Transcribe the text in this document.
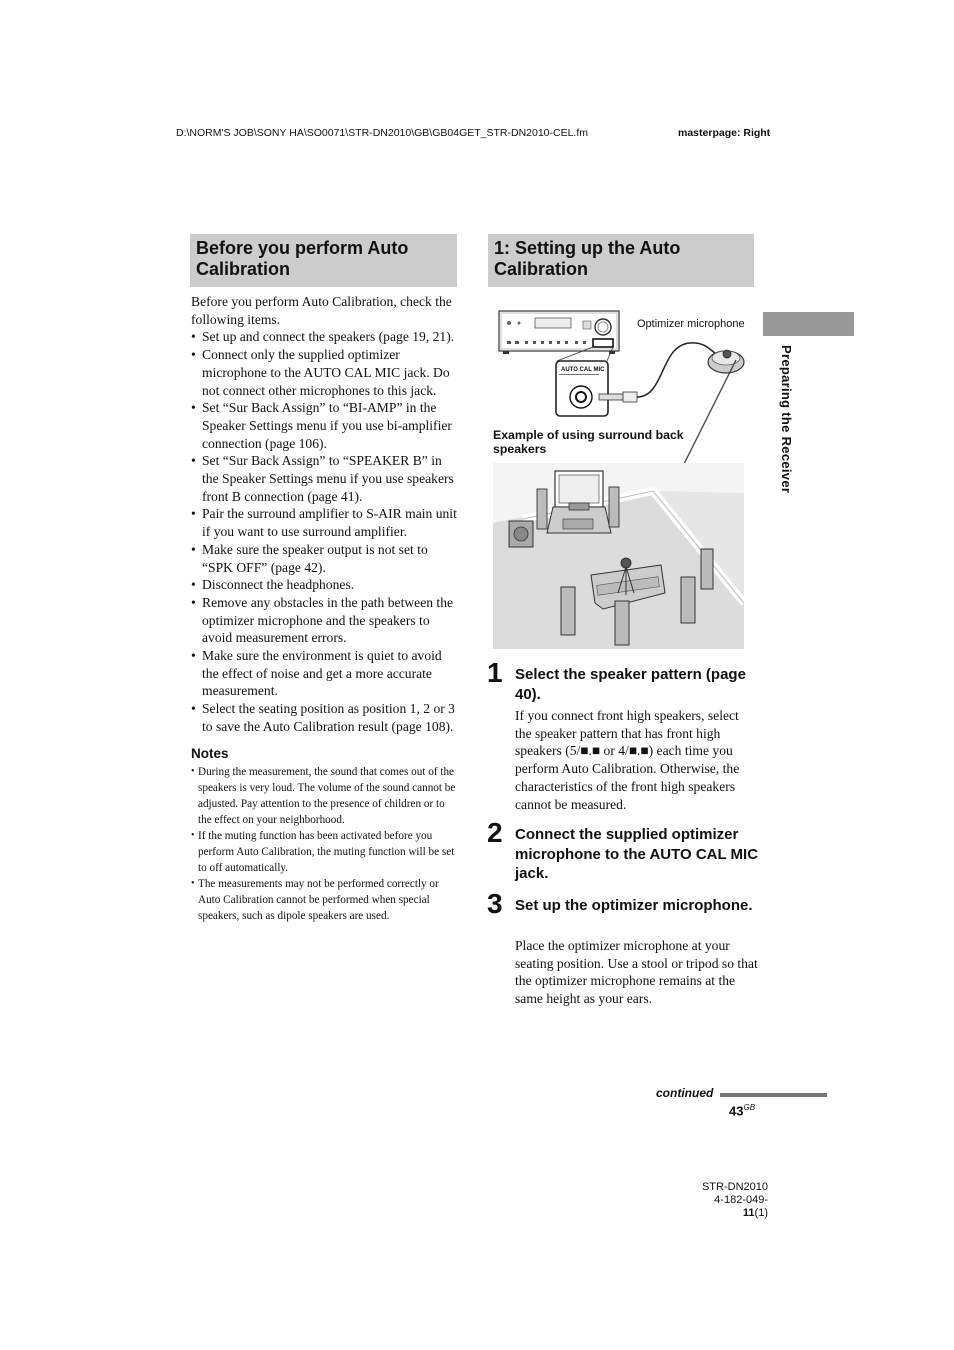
D:\NORM'S JOB\SONY HA\SO0071\STR-DN2010\GB\GB04GET_STR-DN2010-CEL.fm	masterpage: Right
Before you perform Auto Calibration
1: Setting up the Auto Calibration

Before you perform Auto Calibration, check the following items.

• Set up and connect the speakers (page 19, 21).
• Connect only the supplied optimizer microphone to the AUTO CAL MIC jack. Do not connect other microphones to this jack.
• Set “Sur Back Assign” to “BI-AMP” in the Speaker Settings menu if you use bi-amplifier connection (page 106).
• Set “Sur Back Assign” to “SPEAKER B” in the Speaker Settings menu if you use speakers front B connection (page 41).
• Pair the surround amplifier to S-AIR main unit if you want to use surround amplifier.
• Make sure the speaker output is not set to “SPK OFF” (page 42).
• Disconnect the headphones.
• Remove any obstacles in the path between the optimizer microphone and the speakers to avoid measurement errors.
• Make sure the environment is quiet to avoid the effect of noise and get a more accurate measurement.
• Select the seating position as position 1, 2 or 3 to save the Auto Calibration result (page 108).
Notes
• During the measurement, the sound that comes out of the speakers is very loud. The volume of the sound cannot be adjusted. Pay attention to the presence of children or to the effect on your neighborhood.
• If the muting function has been activated before you perform Auto Calibration, the muting function will be set to off automatically.
• The measurements may not be performed correctly or Auto Calibration cannot be performed when special speakers, such as dipole speakers are used.
Preparing the Receiver
AUTO CAL MIC
Optimizer microphone
Example of using surround back speakers
1 Select the speaker pattern (page 40).
If you connect front high speakers, select the speaker pattern that has front high speakers (5/■.■ or 4/■.■) each time you perform Auto Calibration. Otherwise, the characteristics of the front high speakers cannot be measured.
2 Connect the supplied optimizer microphone to the AUTO CAL MIC jack.
3 Set up the optimizer microphone.
Place the optimizer microphone at your seating position. Use a stool or tripod so that the optimizer microphone remains at the same height as your ears.
continued
$43^{GB}$
STR-DN2010
4-182-049-11(1)
